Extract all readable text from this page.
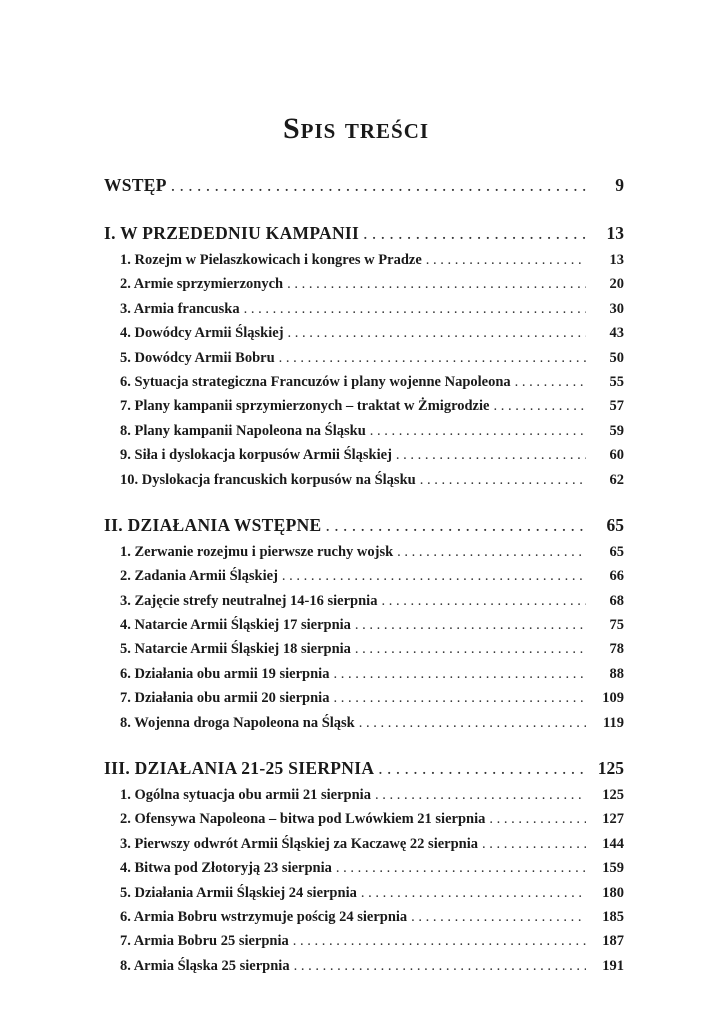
Spis treści
WSTĘP . . .	9
I. W PRZEDEDNIU KAMPANII . . .	13
1. Rozejm w Pielaszkowicach i kongres w Pradze . . .	13
2. Armie sprzymierzonych . . .	20
3. Armia francuska . . .	30
4. Dowódcy Armii Śląskiej . . .	43
5. Dowódcy Armii Bobru . . .	50
6. Sytuacja strategiczna Francuzów i plany wojenne Napoleona . . .	55
7. Plany kampanii sprzymierzonych – traktat w Żmigrodzie . . .	57
8. Plany kampanii Napoleona na Śląsku . . .	59
9. Siła i dyslokacja korpusów Armii Śląskiej . . .	60
10. Dyslokacja francuskich korpusów na Śląsku . . .	62
II. DZIAŁANIA WSTĘPNE . . .	65
1. Zerwanie rozejmu i pierwsze ruchy wojsk . . .	65
2. Zadania Armii Śląskiej . . .	66
3. Zajęcie strefy neutralnej 14-16 sierpnia . . .	68
4. Natarcie Armii Śląskiej 17 sierpnia . . .	75
5. Natarcie Armii Śląskiej 18 sierpnia . . .	78
6. Działania obu armii 19 sierpnia . . .	88
7. Działania obu armii 20 sierpnia . . .	109
8. Wojenna droga Napoleona na Śląsk . . .	119
III. DZIAŁANIA 21-25 SIERPNIA . . .	125
1. Ogólna sytuacja obu armii 21 sierpnia . . .	125
2. Ofensywa Napoleona – bitwa pod Lwówkiem 21 sierpnia . . .	127
3. Pierwszy odwrót Armii Śląskiej za Kaczawę 22 sierpnia . . .	144
4. Bitwa pod Złotoryją 23 sierpnia . . .	159
5. Działania Armii Śląskiej 24 sierpnia . . .	180
6. Armia Bobru wstrzymuje pościg 24 sierpnia . . .	185
7. Armia Bobru 25 sierpnia . . .	187
8. Armia Śląska 25 sierpnia . . .	191
